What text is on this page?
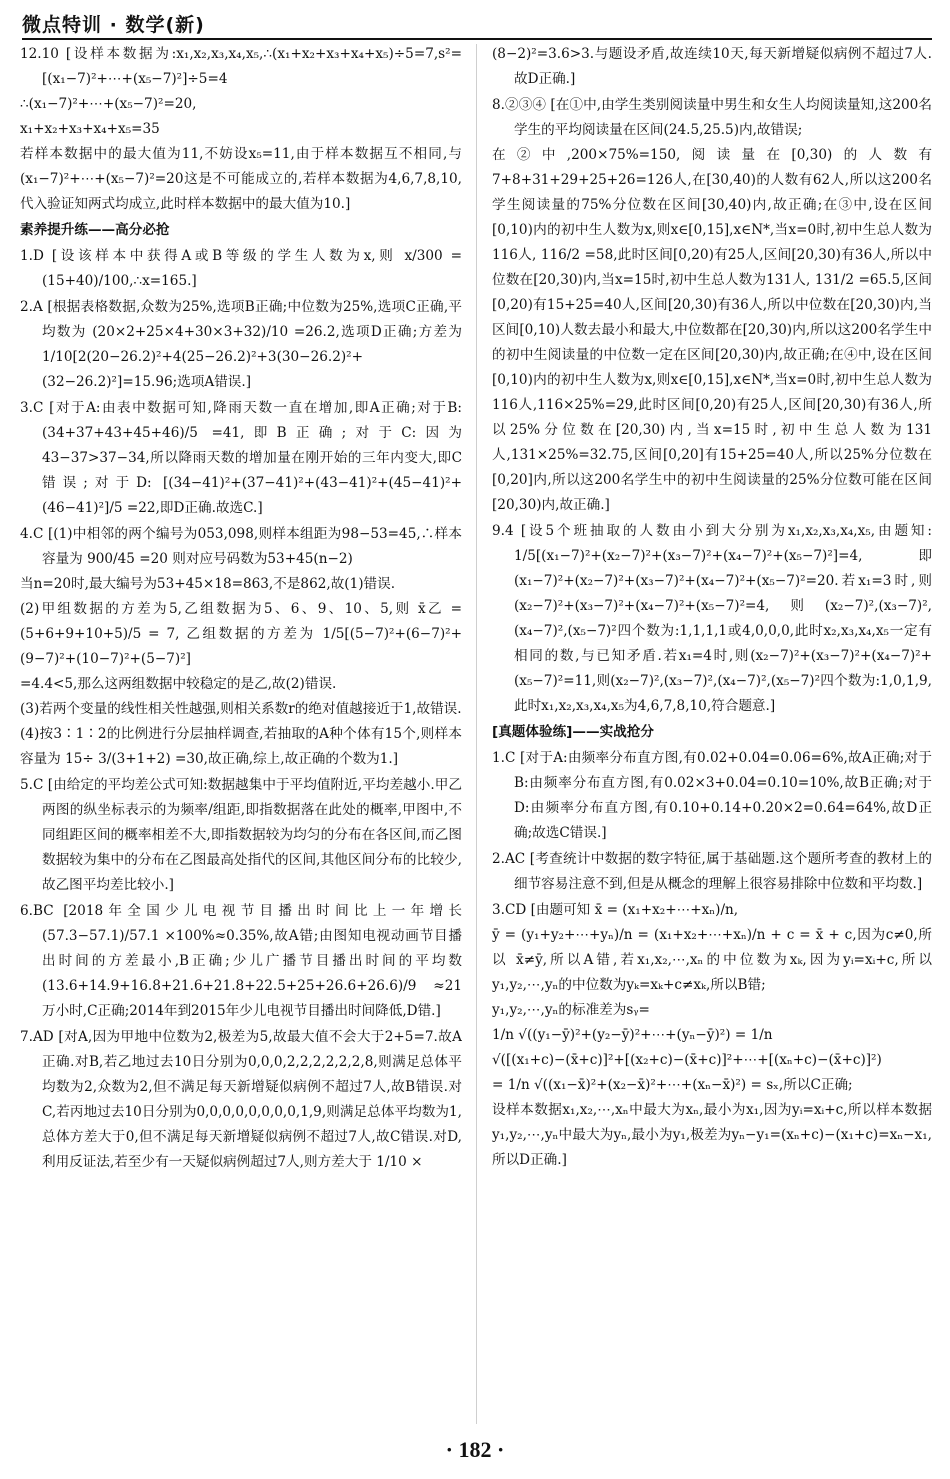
微点特训 · 数学(新)
12.10 [设样本数据为:x₁,x₂,x₃,x₄,x₅,∴(x₁+x₂+x₃+x₄+x₅)÷5=7,s²=[(x₁−7)²+⋯+(x₅−7)²]÷5=4
∴(x₁−7)²+⋯+(x₅−7)²=20,
x₁+x₂+x₃+x₄+x₅=35
若样本数据中的最大值为11,不妨设x₅=11,由于样本数据互不相同,与(x₁−7)²+⋯+(x₅−7)²=20这是不可能成立的,若样本数据为4,6,7,8,10,代入验证知两式均成立,此时样本数据中的最大值为10.]
素养提升练——高分必抢
1.D [设该样本中获得A或B等级的学生人数为x,则 x/300 = (15+40)/100,∴x=165.]
2.A [根据表格数据,众数为25%,选项B正确;中位数为25%,选项C正确,平均数为 (20×2+25×4+30×3+32)/10 =26.2,选项D正确;方差为 1/10[2(20−26.2)²+4(25−26.2)²+3(30−26.2)²+(32−26.2)²]=15.96;选项A错误.]
3.C [对于A:由表中数据可知,降雨天数一直在增加,即A正确;对于B: (34+37+43+45+46)/5 =41,即B正确;对于C:因为43−37>37−34,所以降雨天数的增加量在刚开始的三年内变大,即C错误;对于D: [(34−41)²+(37−41)²+(43−41)²+(45−41)²+(46−41)²]/5 =22,即D正确.故选C.]
4.C [(1)中相邻的两个编号为053,098,则样本组距为98−53=45,∴样本容量为 900/45 =20 则对应号码数为53+45(n−2)
当n=20时,最大编号为53+45×18=863,不是862,故(1)错误.
(2)甲组数据的方差为5,乙组数据为5、6、9、10、5,则 x̄乙 = (5+6+9+10+5)/5 = 7, 乙组数据的方差为 1/5[(5−7)²+(6−7)²+(9−7)²+(10−7)²+(5−7)²]
=4.4<5,那么这两组数据中较稳定的是乙,故(2)错误.
(3)若两个变量的线性相关性越强,则相关系数r的绝对值越接近于1,故错误.
(4)按3∶1∶2的比例进行分层抽样调查,若抽取的A种个体有15个,则样本容量为 15÷ 3/(3+1+2) =30,故正确,综上,故正确的个数为1.]
5.C [由给定的平均差公式可知:数据越集中于平均值附近,平均差越小.甲乙两图的纵坐标表示的为频率/组距,即指数据落在此处的概率,甲图中,不同组距区间的概率相差不大,即指数据较为均匀的分布在各区间,而乙图数据较为集中的分布在乙图最高处指代的区间,其他区间分布的比较少,故乙图平均差比较小.]
6.BC [2018年全国少儿电视节目播出时间比上一年增长 (57.3−57.1)/57.1 ×100%≈0.35%,故A错;由图知电视动画节目播出时间的方差最小,B正确;少儿广播节目播出时间的平均数 (13.6+14.9+16.8+21.6+21.8+22.5+25+26.6+26.6)/9 ≈21万小时,C正确;2014年到2015年少儿电视节目播出时间降低,D错.]
7.AD [对A,因为甲地中位数为2,极差为5,故最大值不会大于2+5=7.故A正确.对B,若乙地过去10日分别为0,0,0,2,2,2,2,2,2,8,则满足总体平均数为2,众数为2,但不满足每天新增疑似病例不超过7人,故B错误.对C,若丙地过去10日分别为0,0,0,0,0,0,0,0,1,9,则满足总体平均数为1,总体方差大于0,但不满足每天新增疑似病例不超过7人,故C错误.对D,利用反证法,若至少有一天疑似病例超过7人,则方差大于 1/10 ×
(8−2)²=3.6>3.与题设矛盾,故连续10天,每天新增疑似病例不超过7人.故D正确.]
8.②③④ [在①中,由学生类别阅读量中男生和女生人均阅读量知,这200名学生的平均阅读量在区间(24.5,25.5)内,故错误;
在②中,200×75%=150,阅读量在[0,30)的人数有7+8+31+29+25+26=126人,在[30,40)的人数有62人,所以这200名学生阅读量的75%分位数在区间[30,40)内,故正确;在③中,设在区间[0,10)内的初中生人数为x,则x∈[0,15],x∈N*,当x=0时,初中生总人数为116人, 116/2 =58,此时区间[0,20)有25人,区间[20,30)有36人,所以中位数在[20,30)内,当x=15时,初中生总人数为131人, 131/2 =65.5,区间[0,20)有15+25=40人,区间[20,30)有36人,所以中位数在[20,30)内,当区间[0,10)人数去最小和最大,中位数都在[20,30)内,所以这200名学生中的初中生阅读量的中位数一定在区间[20,30)内,故正确;在④中,设在区间[0,10)内的初中生人数为x,则x∈[0,15],x∈N*,当x=0时,初中生总人数为116人,116×25%=29,此时区间[0,20)有25人,区间[20,30)有36人,所以25%分位数在[20,30)内,当x=15时,初中生总人数为131人,131×25%=32.75,区间[0,20]有15+25=40人,所以25%分位数在[0,20]内,所以这200名学生中的初中生阅读量的25%分位数可能在区间[20,30)内,故正确.]
9.4 [设5个班抽取的人数由小到大分别为x₁,x₂,x₃,x₄,x₅,由题知: 1/5[(x₁−7)²+(x₂−7)²+(x₃−7)²+(x₄−7)²+(x₅−7)²]=4,即(x₁−7)²+(x₂−7)²+(x₃−7)²+(x₄−7)²+(x₅−7)²=20.若x₁=3时,则(x₂−7)²+(x₃−7)²+(x₄−7)²+(x₅−7)²=4,则(x₂−7)²,(x₃−7)²,(x₄−7)²,(x₅−7)²四个数为:1,1,1,1或4,0,0,0,此时x₂,x₃,x₄,x₅一定有相同的数,与已知矛盾.若x₁=4时,则(x₂−7)²+(x₃−7)²+(x₄−7)²+(x₅−7)²=11,则(x₂−7)²,(x₃−7)²,(x₄−7)²,(x₅−7)²四个数为:1,0,1,9,此时x₁,x₂,x₃,x₄,x₅为4,6,7,8,10,符合题意.]
[真题体验练]——实战抢分
1.C [对于A:由频率分布直方图,有0.02+0.04=0.06=6%,故A正确;对于B:由频率分布直方图,有0.02×3+0.04=0.10=10%,故B正确;对于D:由频率分布直方图,有0.10+0.14+0.20×2=0.64=64%,故D正确;故选C错误.]
2.AC [考查统计中数据的数字特征,属于基础题.这个题所考查的教材上的细节容易注意不到,但是从概念的理解上很容易排除中位数和平均数.]
3.CD [由题可知 x̄ = (x₁+x₂+⋯+xₙ)/n,
ȳ = (y₁+y₂+⋯+yₙ)/n = (x₁+x₂+⋯+xₙ)/n + c = x̄ + c,因为c≠0,所以 x̄≠ȳ,所以A错,若x₁,x₂,⋯,xₙ的中位数为xₖ,因为yᵢ=xᵢ+c,所以y₁,y₂,⋯,yₙ的中位数为yₖ=xₖ+c≠xₖ,所以B错;
y₁,y₂,⋯,yₙ的标准差为sᵧ=
1/n √((y₁−ȳ)²+(y₂−ȳ)²+⋯+(yₙ−ȳ)²) = 1/n
√([(x₁+c)−(x̄+c)]²+[(x₂+c)−(x̄+c)]²+⋯+[(xₙ+c)−(x̄+c)]²)
= 1/n √((x₁−x̄)²+(x₂−x̄)²+⋯+(xₙ−x̄)²) = sₓ,所以C正确;
设样本数据x₁,x₂,⋯,xₙ中最大为xₙ,最小为x₁,因为yᵢ=xᵢ+c,所以样本数据y₁,y₂,⋯,yₙ中最大为yₙ,最小为y₁,极差为yₙ−y₁=(xₙ+c)−(x₁+c)=xₙ−x₁,所以D正确.]
· 182 ·
